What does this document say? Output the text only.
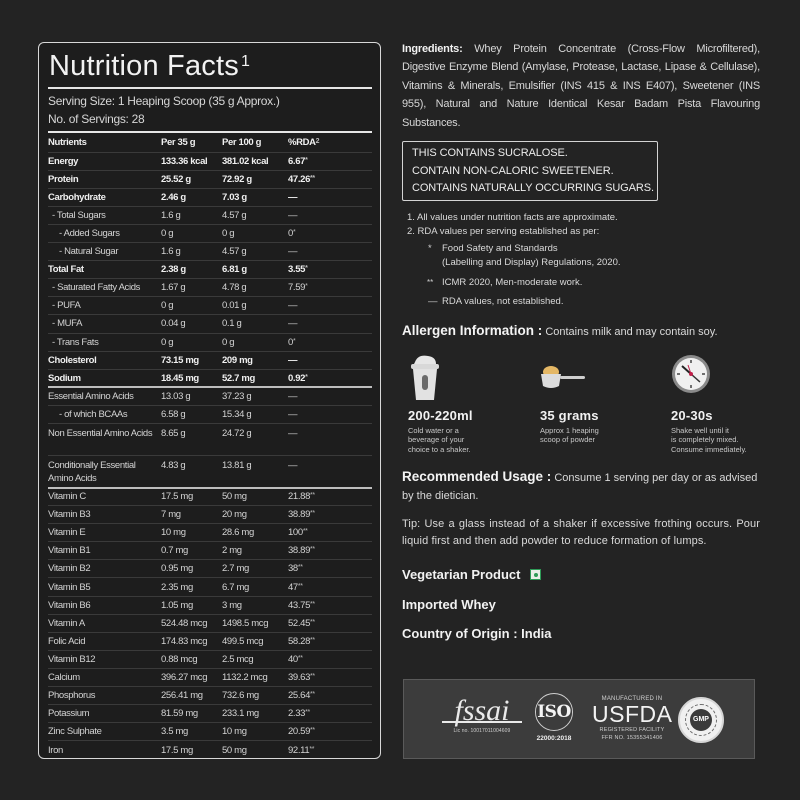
Nutrition Facts $^1$
Serving Size: 1 Heaping Scoop (35 g Approx.)
No. of Servings: 28
Nutrients	Per 35 g	Per 100 g	%RDA$^2$
Energy	133.36 kcal	381.02 kcal	6.67*
Protein	25.52 g	72.92 g	47.26**
Carbohydrate	2.46 g	7.03 g	—
- Total Sugars	1.6 g	4.57 g	—
- Added Sugars	0 g	0 g	0*
- Natural Sugar	1.6 g	4.57 g	—
Total Fat	2.38 g	6.81 g	3.55*
- Saturated Fatty Acids	1.67 g	4.78 g	7.59*
- PUFA	0 g	0.01 g	—
- MUFA	0.04 g	0.1 g	—
- Trans Fats	0 g	0 g	0*
Cholesterol	73.15 mg	209 mg	—
Sodium	18.45 mg	52.7 mg	0.92*
Essential Amino Acids	13.03 g	37.23 g	—
- of which BCAAs	6.58 g	15.34 g	—
Non Essential Amino Acids	8.65 g	24.72 g	—
Conditionally Essential Amino Acids	4.83 g	13.81 g	—
Vitamin C	17.5 mg	50 mg	21.88**
Vitamin B3	7 mg	20 mg	38.89**
Vitamin E	10 mg	28.6 mg	100**
Vitamin B1	0.7 mg	2 mg	38.89**
Vitamin B2	0.95 mg	2.7 mg	38**
Vitamin B5	2.35 mg	6.7 mg	47**
Vitamin B6	1.05 mg	3 mg	43.75**
Vitamin A	524.48 mcg	1498.5 mcg	52.45**
Folic Acid	174.83 mcg	499.5 mcg	58.28**
Vitamin B12	0.88 mcg	2.5 mcg	40**
Calcium	396.27 mcg	1132.2 mcg	39.63**
Phosphorus	256.41 mg	732.6 mg	25.64**
Potassium	81.59 mg	233.1 mg	2.33**
Zinc Sulphate	3.5 mg	10 mg	20.59**
Iron	17.5 mg	50 mg	92.11**

Ingredients: Whey Protein Concentrate (Cross-Flow Microfiltered), Digestive Enzyme Blend (Amylase, Protease, Lactase, Lipase & Cellulase), Vitamins & Minerals, Emulsifier (INS 415 & INS E407), Sweetener (INS 955), Natural and Nature Identical Kesar Badam Pista Flavouring Substances.

THIS CONTAINS SUCRALOSE.
CONTAIN NON-CALORIC SWEETENER.
CONTAINS NATURALLY OCCURRING SUGARS.
1. All values under nutrition facts are approximate.
2. RDA values per serving established as per:
*	Food Safety and Standards
(Labelling and Display) Regulations, 2020.
** ICMR 2020, Men-moderate work.
— RDA values, not established.
Allergen Information : Contains milk and may contain soy.
200-220ml
Cold water or a
beverage of your
choice to a shaker.
35 grams
Approx 1 heaping
scoop of powder
20-30s
Shake well until it
is completely mixed.
Consume immediately.
Recommended Usage : Consume 1 serving per day or as advised by the dietician.

Tip: Use a glass instead of a shaker if excessive frothing occurs. Pour liquid first and then add powder to reduce formation of lumps.

Vegetarian Product
Imported Whey
Country of Origin : India
fssai
Lic no. 10017011004609
ISO
22000:2018
MANUFACTURED IN
USFDA
REGISTERED FACILITY
FFR NO. 15355341406
GMP
